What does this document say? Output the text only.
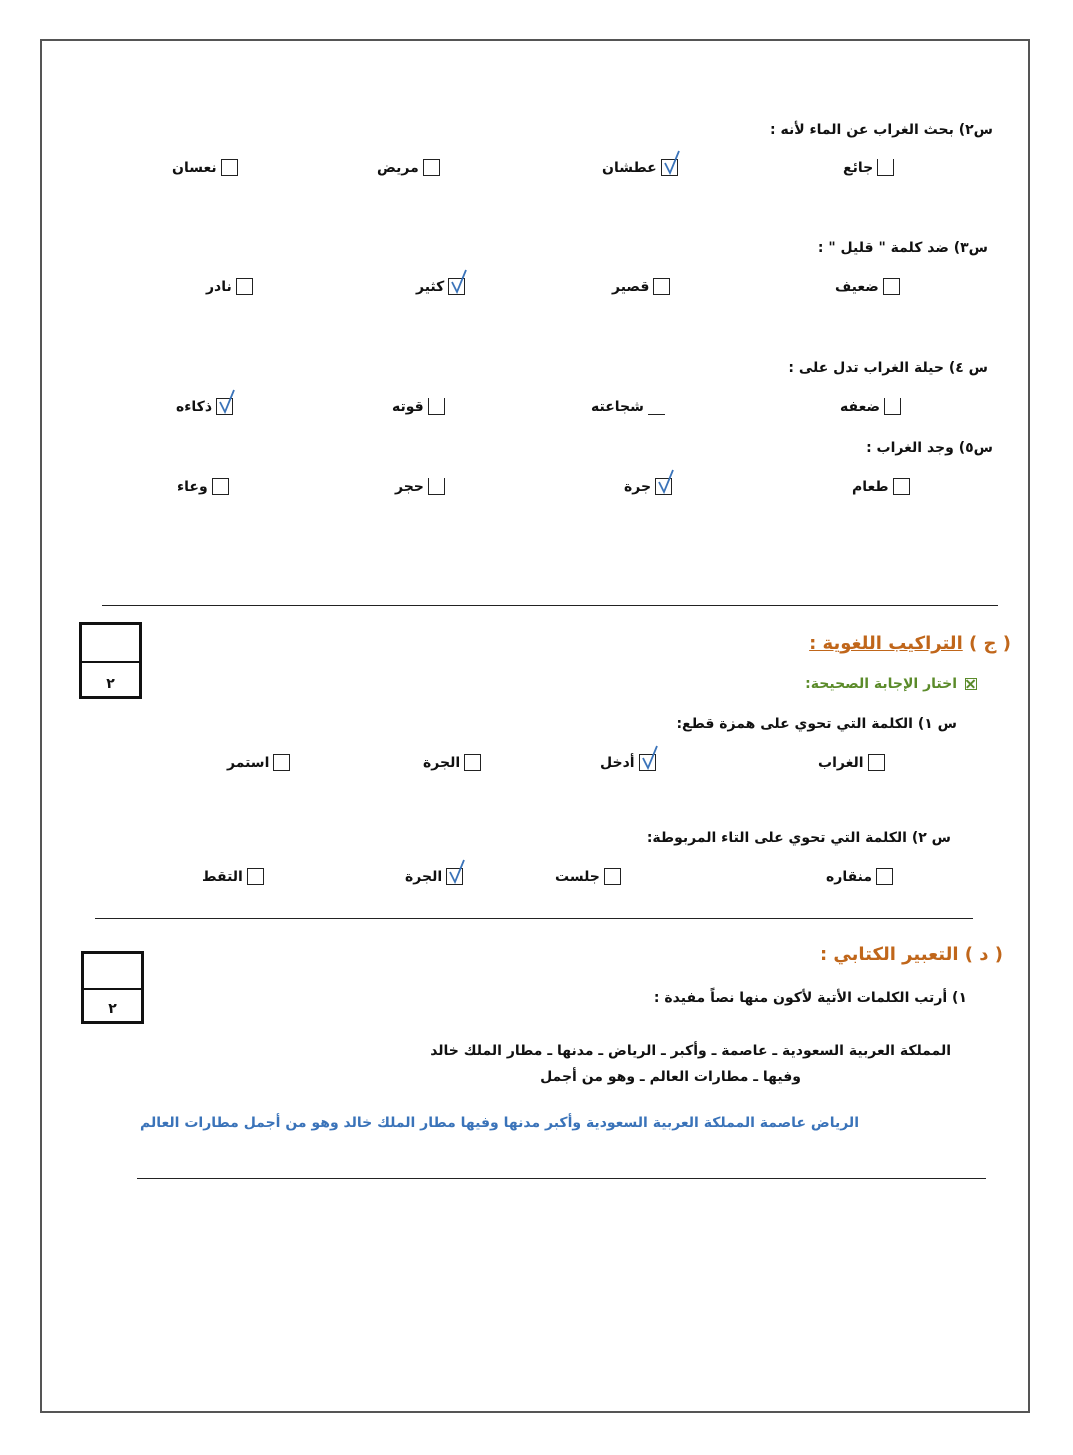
س٢) بحث الغراب عن الماء لأنه :
جائع
عطشان
مريض
نعسان
س٣) ضد كلمة " قليل " :
ضعيف
قصير
كثير
نادر
س ٤) حيلة الغراب تدل على :
ضعفه
شجاعته
قوته
ذكاءه
س٥) وجد الغراب :
طعام
جرة
حجر
وعاء
٢
( ج ) التراكيب اللغوية :
اختار الإجابة الصحيحة:
س ١) الكلمة التي تحوي على همزة قطع:
الغراب
أدخل
الجرة
استمر
س ٢) الكلمة التي تحوي على التاء المربوطة:
منقاره
جلست
الجرة
التقط
٢
( د ) التعبير الكتابي :
١) أرتب الكلمات الأتية لأكون منها نصاً مفيدة :
المملكة العربية السعودية ـ عاصمة ـ وأكبر ـ الرياض ـ مدنها ـ مطار الملك خالد
وفيها ـ مطارات العالم ـ وهو من أجمل
الرياض عاصمة المملكة العربية السعودية وأكبر مدنها وفيها مطار الملك خالد وهو من أجمل مطارات العالم
